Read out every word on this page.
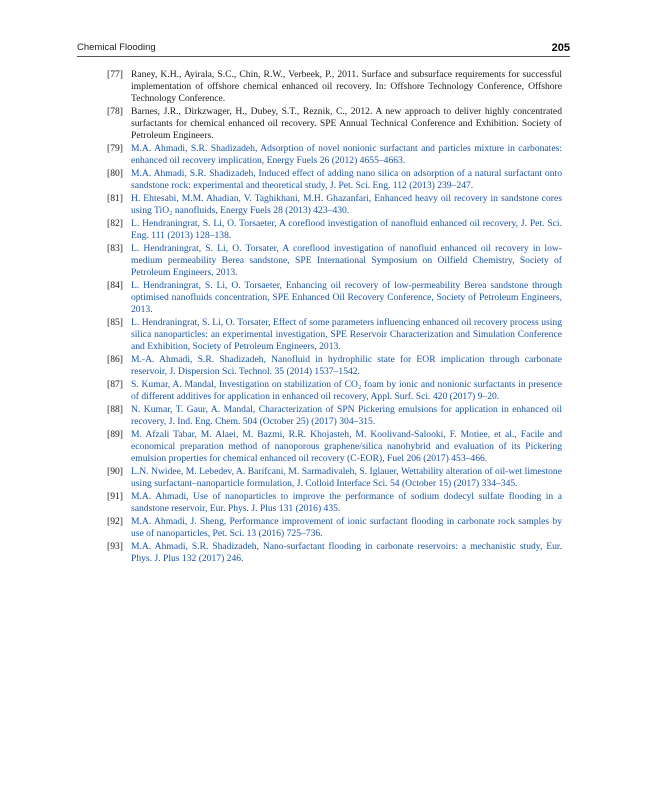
Chemical Flooding	205
[77] Raney, K.H., Ayirala, S.C., Chin, R.W., Verbeek, P., 2011. Surface and subsurface requirements for successful implementation of offshore chemical enhanced oil recovery. In: Offshore Technology Conference, Offshore Technology Conference.
[78] Barnes, J.R., Dirkzwager, H., Dubey, S.T., Reznik, C., 2012. A new approach to deliver highly concentrated surfactants for chemical enhanced oil recovery. SPE Annual Technical Conference and Exhibition. Society of Petroleum Engineers.
[79] M.A. Ahmadi, S.R. Shadizadeh, Adsorption of novel nonionic surfactant and particles mixture in carbonates: enhanced oil recovery implication, Energy Fuels 26 (2012) 4655–4663.
[80] M.A. Ahmadi, S.R. Shadizadeh, Induced effect of adding nano silica on adsorption of a natural surfactant onto sandstone rock: experimental and theoretical study, J. Pet. Sci. Eng. 112 (2013) 239–247.
[81] H. Ehtesabi, M.M. Ahadian, V. Taghikhani, M.H. Ghazanfari, Enhanced heavy oil recovery in sandstone cores using TiO₂ nanofluids, Energy Fuels 28 (2013) 423–430.
[82] L. Hendraningrat, S. Li, O. Torsaeter, A coreflood investigation of nanofluid enhanced oil recovery, J. Pet. Sci. Eng. 111 (2013) 128–138.
[83] L. Hendraningrat, S. Li, O. Torsater, A coreflood investigation of nanofluid enhanced oil recovery in low-medium permeability Berea sandstone, SPE International Symposium on Oilfield Chemistry, Society of Petroleum Engineers, 2013.
[84] L. Hendraningrat, S. Li, O. Torsaeter, Enhancing oil recovery of low-permeability Berea sandstone through optimised nanofluids concentration, SPE Enhanced Oil Recovery Conference, Society of Petroleum Engineers, 2013.
[85] L. Hendraningrat, S. Li, O. Torsater, Effect of some parameters influencing enhanced oil recovery process using silica nanoparticles: an experimental investigation, SPE Reservoir Characterization and Simulation Conference and Exhibition, Society of Petroleum Engineers, 2013.
[86] M.-A. Ahmadi, S.R. Shadizadeh, Nanofluid in hydrophilic state for EOR implication through carbonate reservoir, J. Dispersion Sci. Technol. 35 (2014) 1537–1542.
[87] S. Kumar, A. Mandal, Investigation on stabilization of CO₂ foam by ionic and nonionic surfactants in presence of different additives for application in enhanced oil recovery, Appl. Surf. Sci. 420 (2017) 9–20.
[88] N. Kumar, T. Gaur, A. Mandal, Characterization of SPN Pickering emulsions for application in enhanced oil recovery, J. Ind. Eng. Chem. 504 (October 25) (2017) 304–315.
[89] M. Afzali Tabar, M. Alaei, M. Bazmi, R.R. Khojasteh, M. Koolivand-Salooki, F. Motiee, et al., Facile and economical preparation method of nanoporous graphene/silica nanohybrid and evaluation of its Pickering emulsion properties for chemical enhanced oil recovery (C-EOR), Fuel 206 (2017) 453–466.
[90] L.N. Nwidee, M. Lebedev, A. Barifcani, M. Sarmadivaleh, S. Iglauer, Wettability alteration of oil-wet limestone using surfactant–nanoparticle formulation, J. Colloid Interface Sci. 54 (October 15) (2017) 334–345.
[91] M.A. Ahmadi, Use of nanoparticles to improve the performance of sodium dodecyl sulfate flooding in a sandstone reservoir, Eur. Phys. J. Plus 131 (2016) 435.
[92] M.A. Ahmadi, J. Sheng, Performance improvement of ionic surfactant flooding in carbonate rock samples by use of nanoparticles, Pet. Sci. 13 (2016) 725–736.
[93] M.A. Ahmadi, S.R. Shadizadeh, Nano-surfactant flooding in carbonate reservoirs: a mechanistic study, Eur. Phys. J. Plus 132 (2017) 246.
